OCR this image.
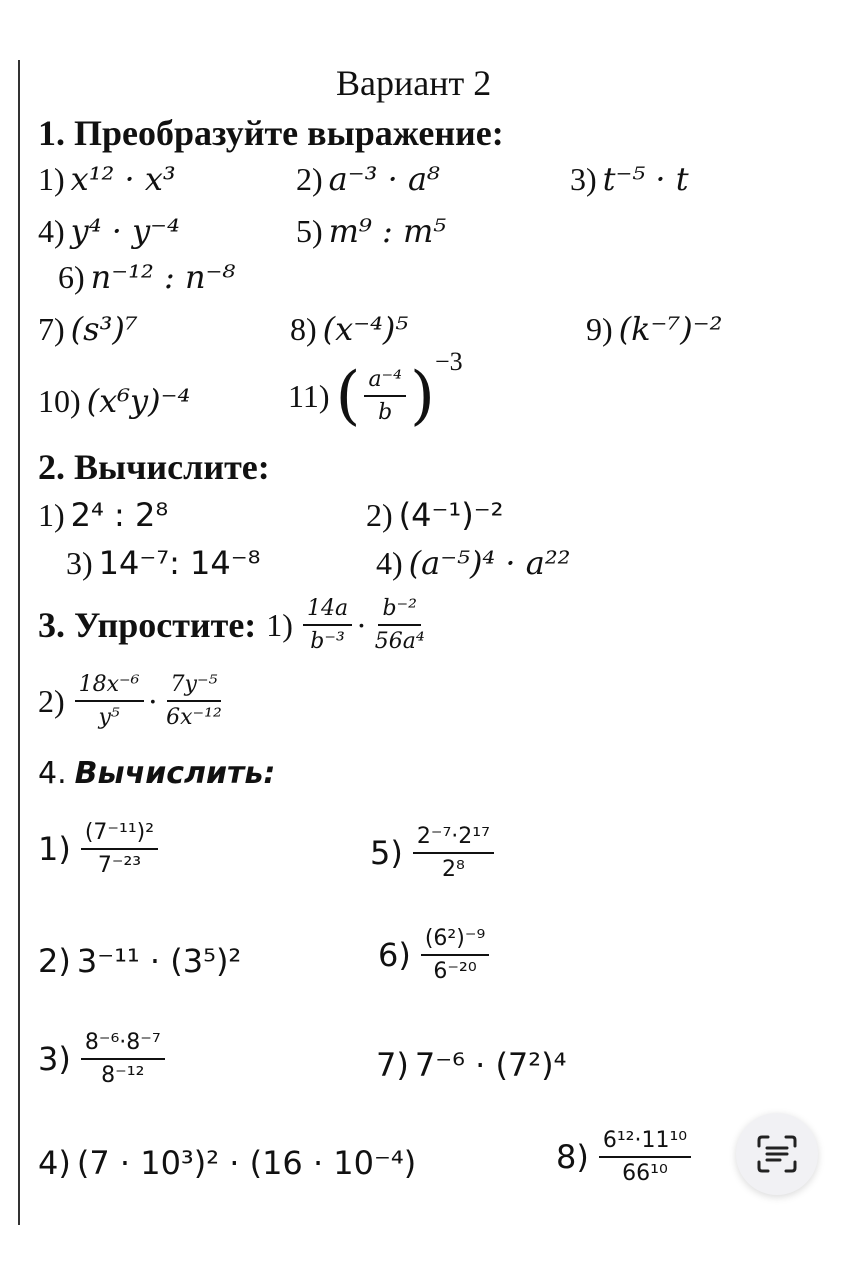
Вариант 2
1. Преобразуйте выражение:
1) x¹² · x³	2) a⁻³ · a⁸	3) t⁻⁵ · t
4) y⁴ · y⁻⁴	5) m⁹ : m⁵
6) n⁻¹² : n⁻⁸
7) (s³)⁷	8) (x⁻⁴)⁵	9) (k⁻⁷)⁻²
10) (x⁶y)⁻⁴	11) ( $\frac{\text{a⁻⁴}}{b}$ ) −3
2. Вычислите:
1) 2⁴ : 2⁸	2) (4⁻¹)⁻²
3) 14⁻⁷: 14⁻⁸	4) (a⁻⁵)⁴ · a²²
3. Упростите: $1) \frac{14a}{\text{b⁻³}} \cdot \frac{\text{b⁻²}}{\text{56a⁴}}$
$2) \frac{\text{18x⁻⁶}}{\text{y⁵}} \cdot \frac{\text{7y⁻⁵}}{\text{6x⁻¹²}}$
4. Вычислить:
$1) \frac{\text{(7⁻¹¹)²}}{\text{7⁻²³}}$	$5) \frac{\text{2⁻⁷·2¹⁷}}{\text{2⁸}}$
2) 3⁻¹¹ · (3⁵)²	$6) \frac{\text{(6²)⁻⁹}}{\text{6⁻²⁰}}$
$3) \frac{\text{8⁻⁶·8⁻⁷}}{\text{8⁻¹²}}$	7) 7⁻⁶ · (7²)⁴
4) (7 · 10³)² · (16 · 10⁻⁴)	$8) \frac{\text{6¹²·11¹⁰}}{\text{66¹⁰}}$
